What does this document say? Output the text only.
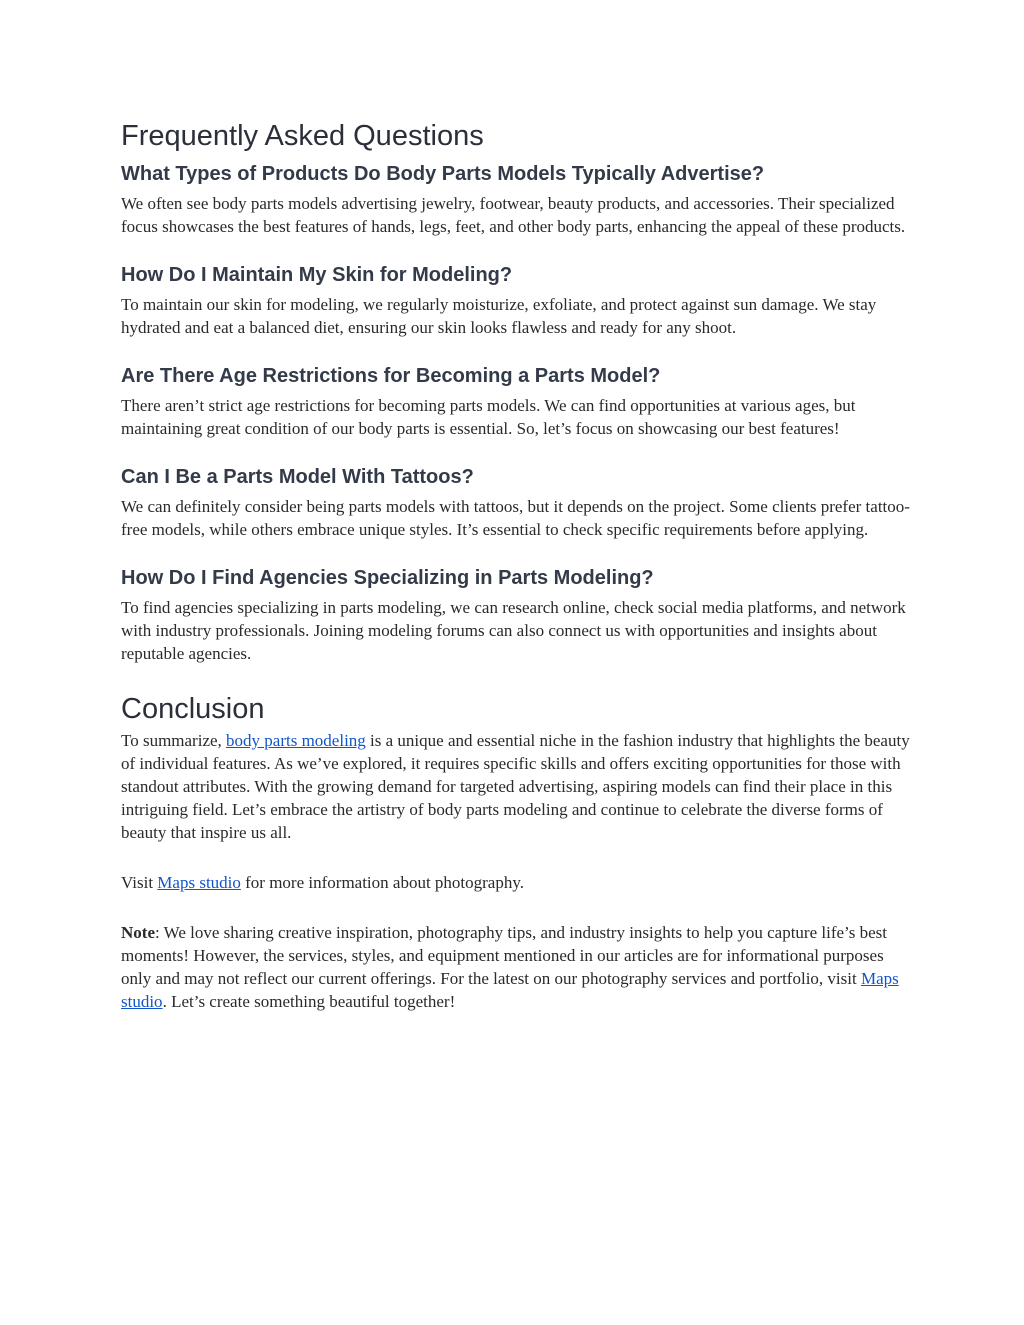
Frequently Asked Questions
What Types of Products Do Body Parts Models Typically Advertise?

We often see body parts models advertising jewelry, footwear, beauty products, and accessories. Their specialized focus showcases the best features of hands, legs, feet, and other body parts, enhancing the appeal of these products.

How Do I Maintain My Skin for Modeling?

To maintain our skin for modeling, we regularly moisturize, exfoliate, and protect against sun damage. We stay hydrated and eat a balanced diet, ensuring our skin looks flawless and ready for any shoot.

Are There Age Restrictions for Becoming a Parts Model?

There aren’t strict age restrictions for becoming parts models. We can find opportunities at various ages, but maintaining great condition of our body parts is essential. So, let’s focus on showcasing our best features!

Can I Be a Parts Model With Tattoos?

We can definitely consider being parts models with tattoos, but it depends on the project. Some clients prefer tattoo-free models, while others embrace unique styles. It’s essential to check specific requirements before applying.

How Do I Find Agencies Specializing in Parts Modeling?

To find agencies specializing in parts modeling, we can research online, check social media platforms, and network with industry professionals. Joining modeling forums can also connect us with opportunities and insights about reputable agencies.

Conclusion

To summarize, body parts modeling is a unique and essential niche in the fashion industry that highlights the beauty of individual features. As we’ve explored, it requires specific skills and offers exciting opportunities for those with standout attributes. With the growing demand for targeted advertising, aspiring models can find their place in this intriguing field. Let’s embrace the artistry of body parts modeling and continue to celebrate the diverse forms of beauty that inspire us all.

Visit Maps studio for more information about photography.

Note: We love sharing creative inspiration, photography tips, and industry insights to help you capture life’s best moments! However, the services, styles, and equipment mentioned in our articles are for informational purposes only and may not reflect our current offerings. For the latest on our photography services and portfolio, visit Maps studio. Let’s create something beautiful together!
